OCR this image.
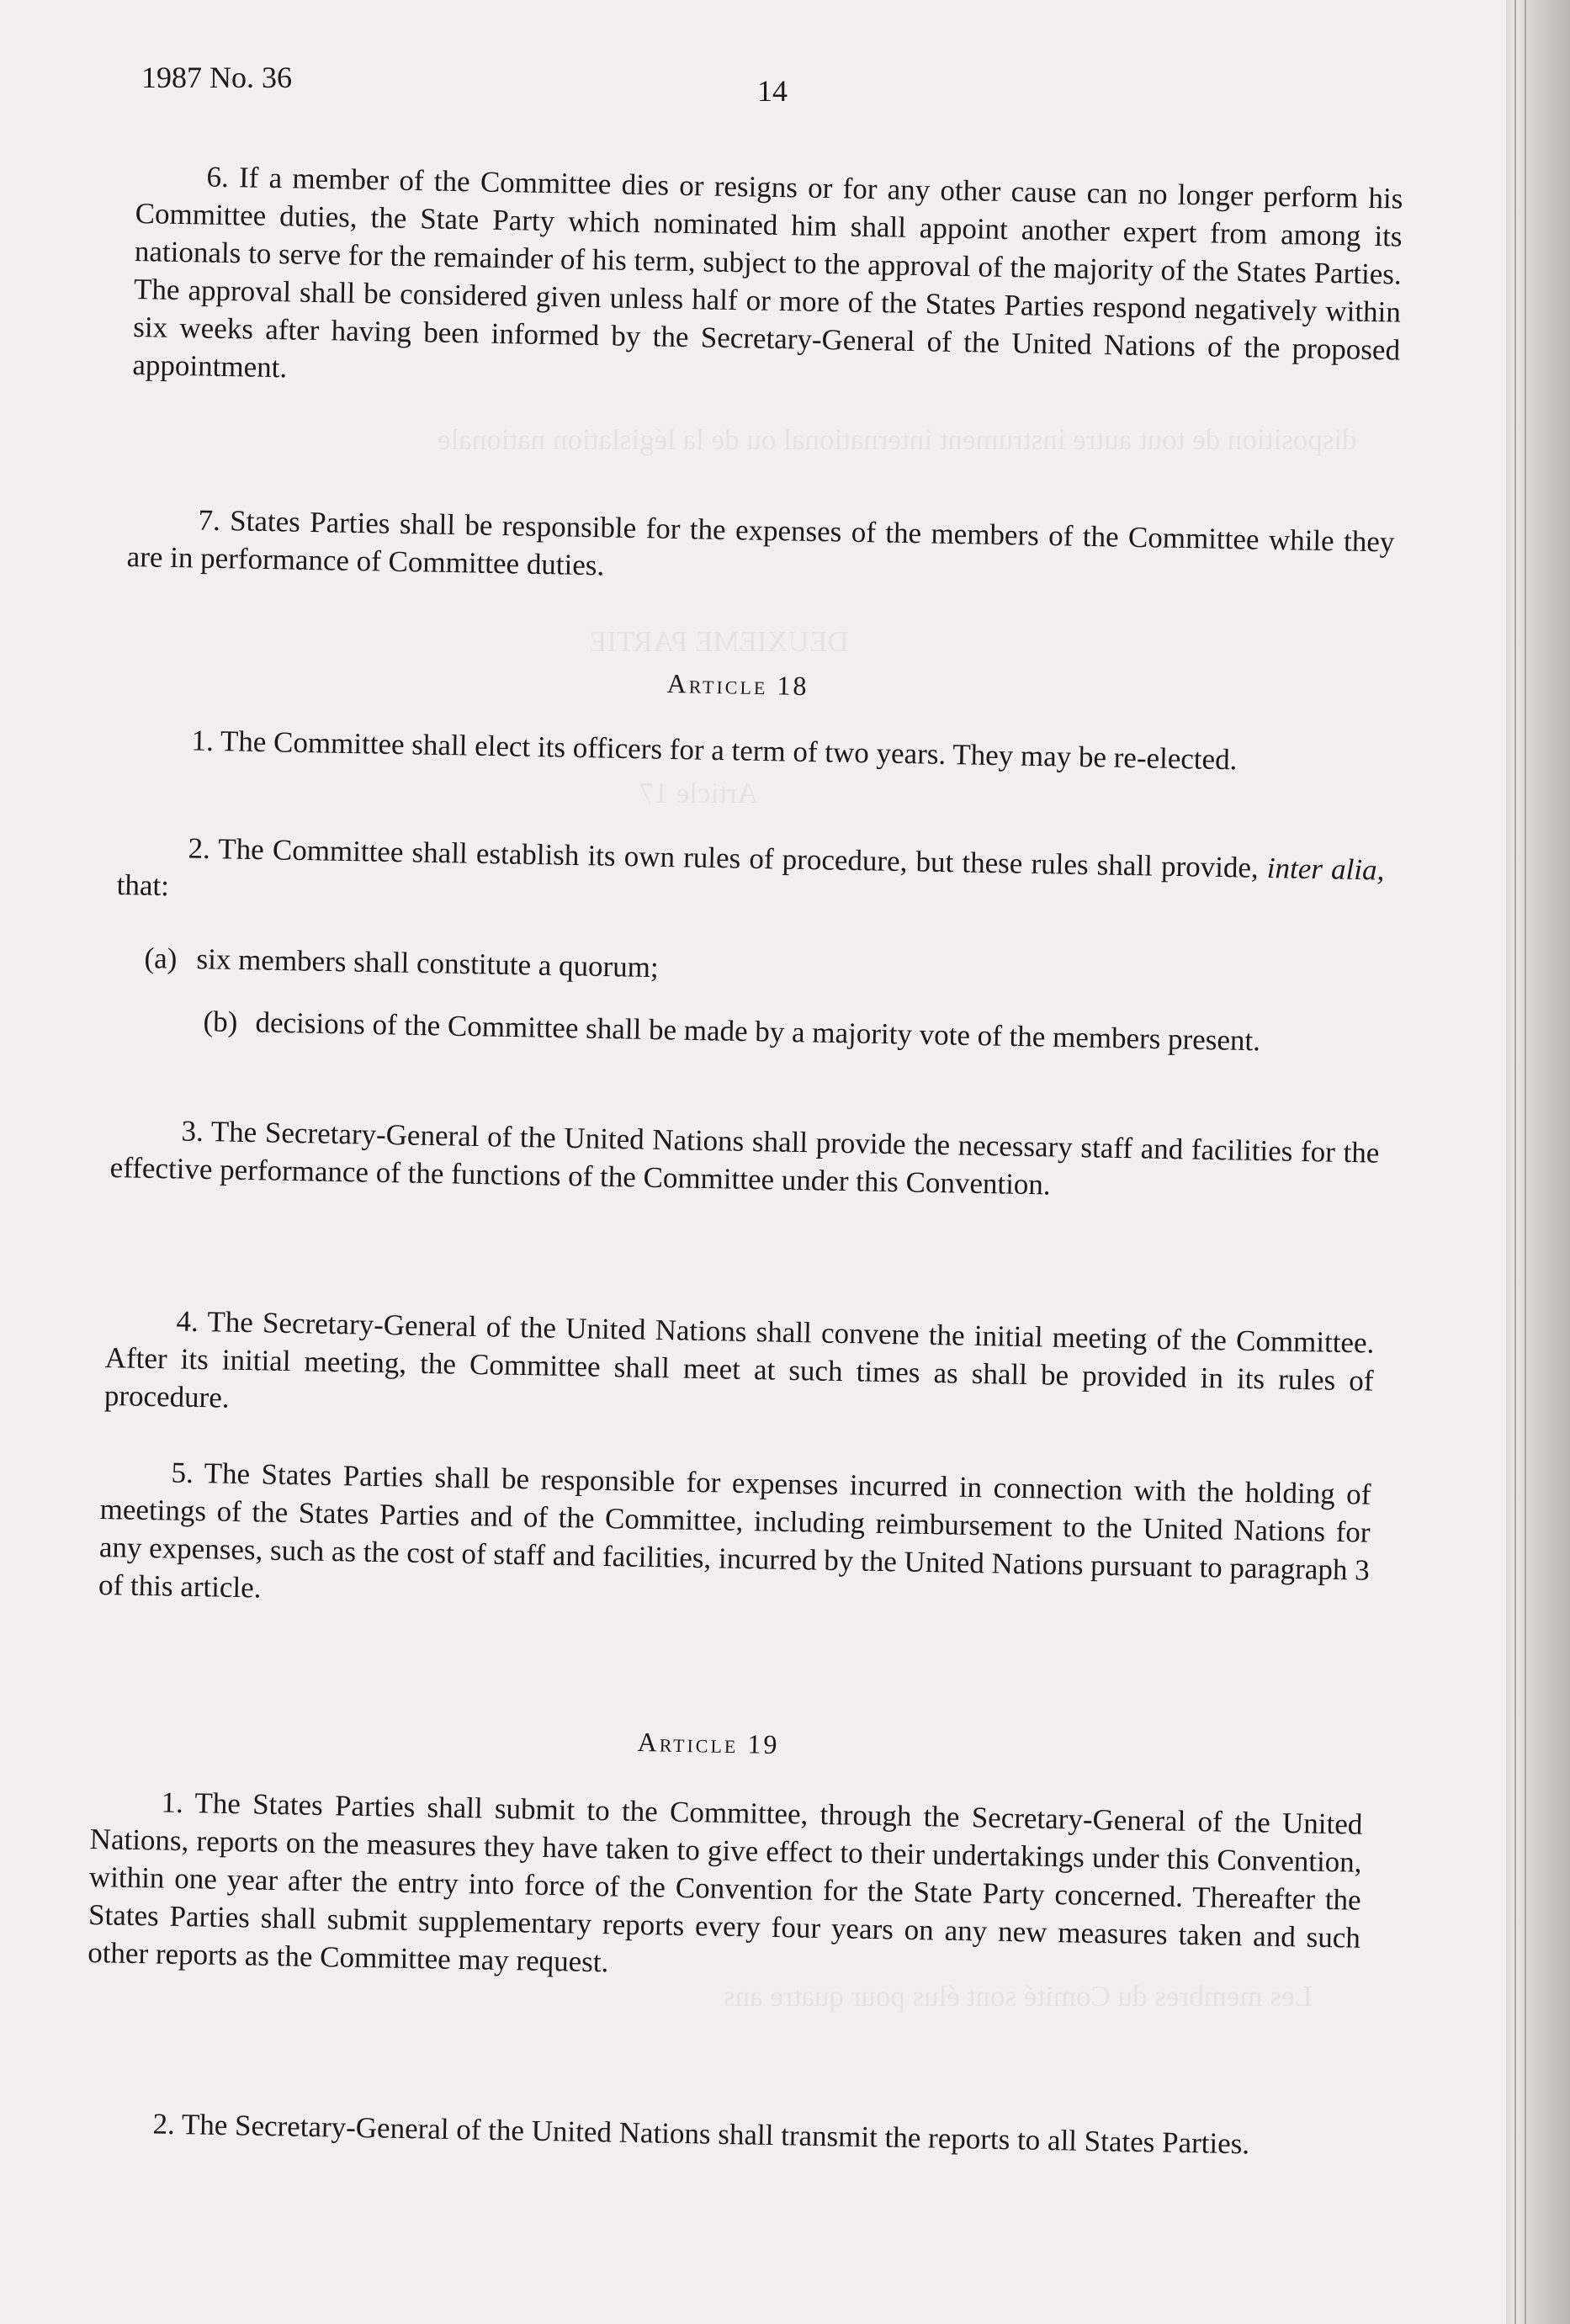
disposition de tout autre instrument international ou de la législation nationale
DEUXIEME PARTIE
Article 17
Les membres du Comité sont élus pour quatre ans
1987 No. 36	14

6. If a member of the Committee dies or resigns or for any other cause can no longer perform his Committee duties, the State Party which nominated him shall appoint another expert from among its nationals to serve for the remainder of his term, subject to the approval of the majority of the States Parties. The approval shall be considered given unless half or more of the States Parties respond negatively within six weeks after having been informed by the Secretary-General of the United Nations of the proposed appointment.

7. States Parties shall be responsible for the expenses of the members of the Committee while they are in performance of Committee duties.

Article 18

1. The Committee shall elect its officers for a term of two years. They may be re-elected.

2. The Committee shall establish its own rules of procedure, but these rules shall provide, inter alia, that:

(a) six members shall constitute a quorum;

(b) decisions of the Committee shall be made by a majority vote of the members present.

3. The Secretary-General of the United Nations shall provide the necessary staff and facilities for the effective performance of the functions of the Committee under this Convention.

4. The Secretary-General of the United Nations shall convene the initial meeting of the Committee. After its initial meeting, the Committee shall meet at such times as shall be provided in its rules of procedure.

5. The States Parties shall be responsible for expenses incurred in connection with the holding of meetings of the States Parties and of the Committee, including reimbursement to the United Nations for any expenses, such as the cost of staff and facilities, incurred by the United Nations pursuant to paragraph 3 of this article.

Article 19

1. The States Parties shall submit to the Committee, through the Secretary-General of the United Nations, reports on the measures they have taken to give effect to their undertakings under this Convention, within one year after the entry into force of the Convention for the State Party concerned. Thereafter the States Parties shall submit supplementary reports every four years on any new measures taken and such other reports as the Committee may request.

2. The Secretary-General of the United Nations shall transmit the reports to all States Parties.
